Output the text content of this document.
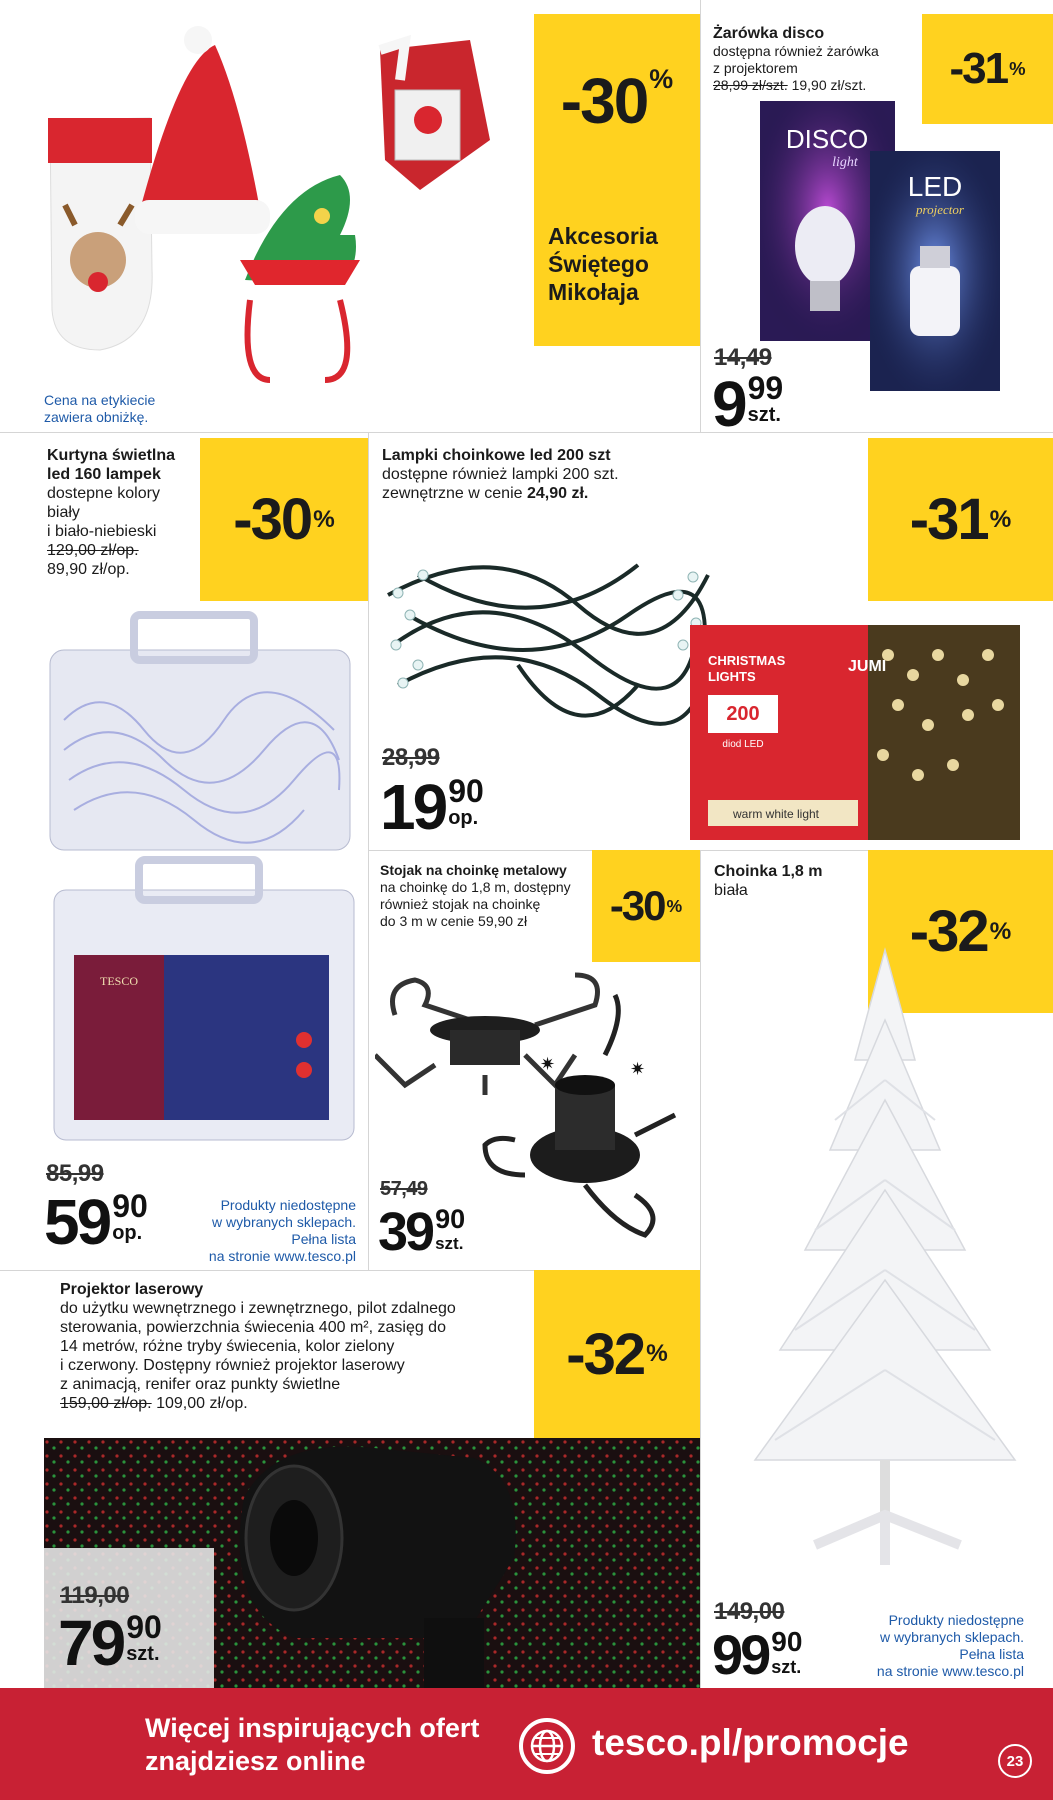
-30 %
Akcesoria
Świętego
Mikołaja
Cena na etykiecie
zawiera obniżkę.
Żarówka disco
dostępna również żarówka
z projektorem
28,99 zł/szt. 19,90 zł/szt. -31 %
DISCO
light
LED
projector
14,49
9 99
szt.
Kurtyna świetlna
led 160 lampek
dostepne kolory
biały
i biało-niebieski
129,00 zł/op.
89,90 zł/op.
-30 %
TESCO
85,99
59 90
op.
Produkty niedostępne
w wybranych sklepach.
Pełna lista
na stronie www.tesco.pl
Lampki choinkowe led 200 szt
dostępne również lampki 200 szt.
zewnętrzne w cenie 24,90 zł.	-31 %
CHRISTMAS
LIGHTS
JUMI
200
diod LED
warm white light
28,99
19 90
op.
Stojak na choinkę metalowy
na choinkę do 1,8 m, dostępny
również stojak na choinkę
do 3 m w cenie 59,90 zł	-30 %
✷	✷
57,49
39 90
szt.
Choinka 1,8 m
biała
-32 %
149,00
99 90
szt.
Produkty niedostępne
w wybranych sklepach.
Pełna lista
na stronie www.tesco.pl
Projektor laserowy
do użytku wewnętrznego i zewnętrznego, pilot zdalnego
sterowania, powierzchnia świecenia 400 m², zasięg do
14 metrów, różne tryby świecenia, kolor zielony
i czerwony. Dostępny również projektor laserowy
z animacją, renifer oraz punkty świetlne
159,00 zł/op. 109,00 zł/op.
-32 %
119,00
79 90
szt.
Więcej inspirujących ofert
znajdziesz online	tesco.pl/promocje	23
